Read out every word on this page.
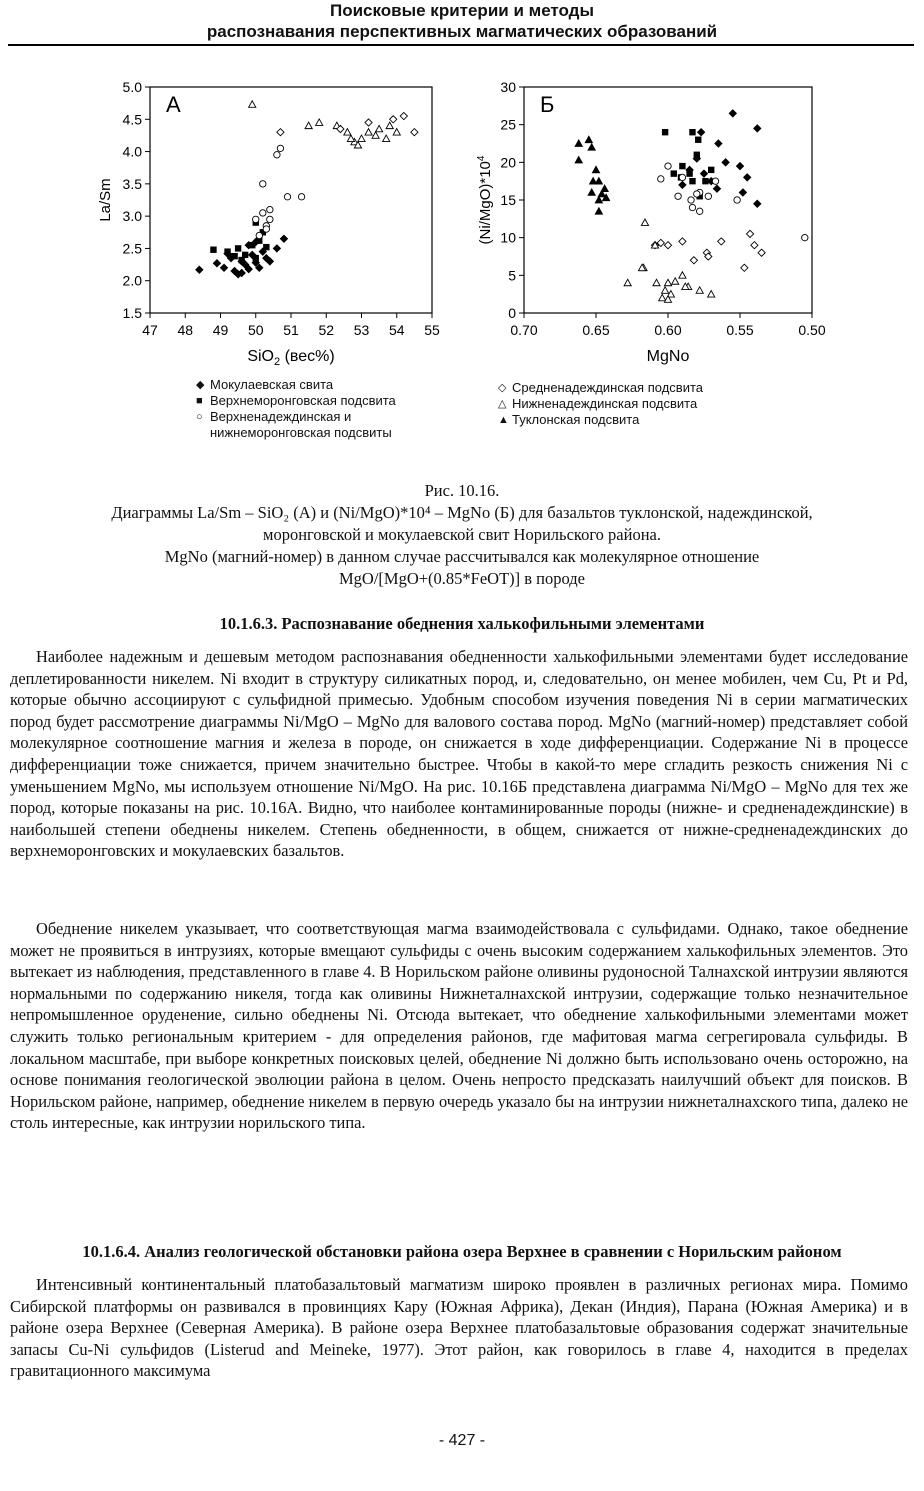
Поисковые критерии и методы
распознавания перспективных магматических образований
47 48 49 50 51 52 53 54 55
1.5
2.0
2.5
3.0
3.5
4.0
4.5
5.0
А
La/Sm
SiO$_2$ (вес%)
0.70	0.65	0.60	0.55	0.50
0
5
10
15
20
25
30
Б
$(Ni/MgO)*10^4$
MgNo
◆ Мокулаевская свита
■ Верхнеморонговская подсвита
○ Верхненадеждинская и нижнеморонговская подсвиты
◇ Средненадеждинская подсвита
△ Нижненадеждинская подсвита
▲ Туклонская подсвита
Рис. 10.16.
Диаграммы La/Sm – SiO₂ (А) и (Ni/MgO)*10⁴ – MgNo (Б) для базальтов туклонской, надеждинской,
моронговской и мокулаевской свит Норильского района.
MgNo (магний-номер) в данном случае рассчитывался как молекулярное отношение
MgO/[MgO+(0.85*FeOT)] в породе
10.1.6.3. Распознавание обеднения халькофильными элементами

Наиболее надежным и дешевым методом распознавания обедненности халькофильными элементами будет исследование деплетированности никелем. Ni входит в структуру силикатных пород, и, следовательно, он менее мобилен, чем Cu, Pt и Pd, которые обычно ассоциируют с сульфидной примесью. Удобным способом изучения поведения Ni в серии магматических пород будет рассмотрение диаграммы Ni/MgO – MgNo для валового состава пород. MgNo (магний-номер) представляет собой молекулярное соотношение магния и железа в породе, он снижается в ходе дифференциации. Содержание Ni в процессе дифференциации тоже снижается, причем значительно быстрее. Чтобы в какой-то мере сгладить резкость снижения Ni с уменьшением MgNo, мы используем отношение Ni/MgO. На рис. 10.16Б представлена диаграмма Ni/MgO – MgNo для тех же пород, которые показаны на рис. 10.16А. Видно, что наиболее контаминированные породы (нижне- и средненадеждинские) в наибольшей степени обеднены никелем. Степень обедненности, в общем, снижается от нижне-средненадеждинских до верхнеморонговских и мокулаевских базальтов.

Обеднение никелем указывает, что соответствующая магма взаимодействовала с сульфидами. Однако, такое обеднение может не проявиться в интрузиях, которые вмещают сульфиды с очень высоким содержанием халькофильных элементов. Это вытекает из наблюдения, представленного в главе 4. В Норильском районе оливины рудоносной Талнахской интрузии являются нормальными по содержанию никеля, тогда как оливины Нижнеталнахской интрузии, содержащие только незначительное непромышленное оруденение, сильно обеднены Ni. Отсюда вытекает, что обеднение халькофильными элементами может служить только региональным критерием - для определения районов, где мафитовая магма сегрегировала сульфиды. В локальном масштабе, при выборе конкретных поисковых целей, обеднение Ni должно быть использовано очень осторожно, на основе понимания геологической эволюции района в целом. Очень непросто предсказать наилучший объект для поисков. В Норильском районе, например, обеднение никелем в первую очередь указало бы на интрузии нижнеталнахского типа, далеко не столь интересные, как интрузии норильского типа.

10.1.6.4. Анализ геологической обстановки района озера Верхнее в сравнении с Норильским районом

Интенсивный континентальный платобазальтовый магматизм широко проявлен в различных регионах мира. Помимо Сибирской платформы он развивался в провинциях Кару (Южная Африка), Декан (Индия), Парана (Южная Америка) и в районе озера Верхнее (Северная Америка). В районе озера Верхнее платобазальтовые образования содержат значительные запасы Cu-Ni сульфидов (Listerud and Meineke, 1977). Этот район, как говорилось в главе 4, находится в пределах гравитационного максимума

- 427 -
